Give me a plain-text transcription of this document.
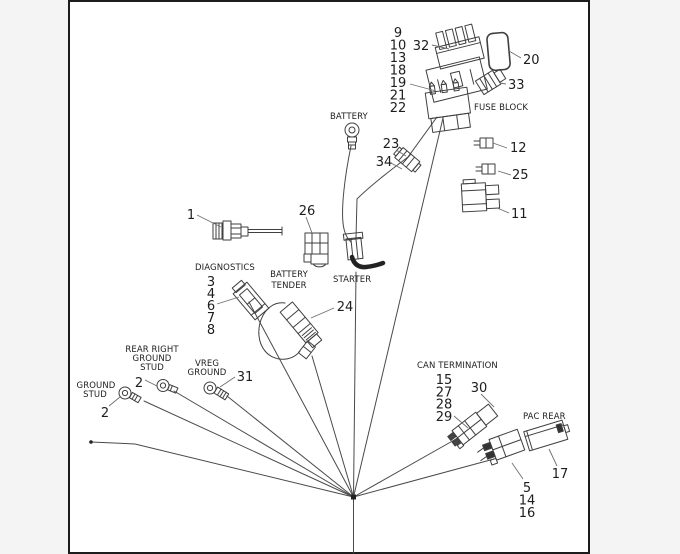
9
10
13
18
19
21
22
32
20
33
12
25
11
23
34
1	26
3
4
6
7
8
24
2	31
2
15
27
28
29
30
17
5
14
16
BATTERY
FUSE BLOCK
STARTER
BATTERY
TENDER
DIAGNOSTICS
REAR RIGHT
GROUND
STUD	VREG
GROUND
GROUND
STUD
CAN TERMINATION
PAC REAR
